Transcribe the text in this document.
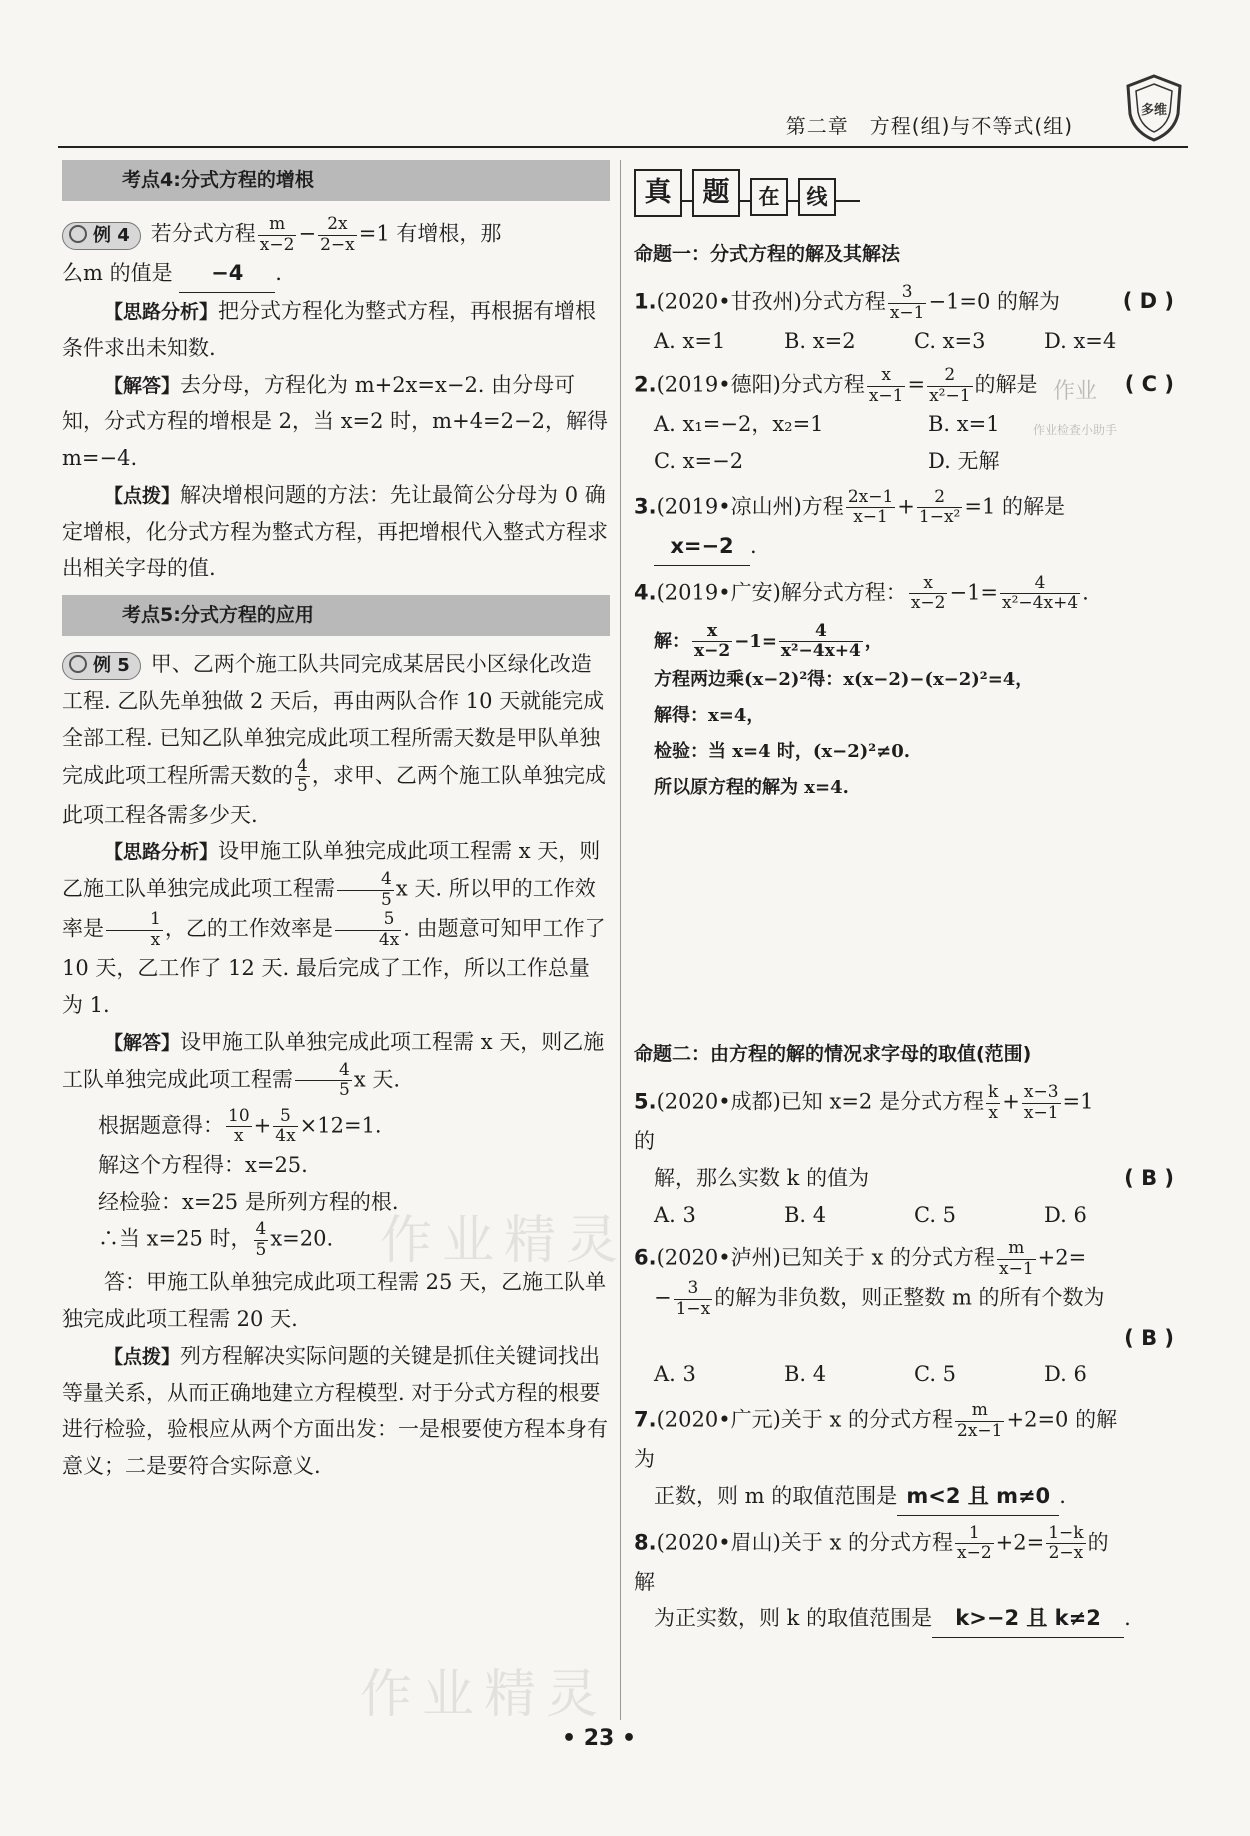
第二章　方程(组)与不等式(组)
多维
考点4:分式方程的增根

例 4 若分式方程 $\frac{m}{x-2} - \frac{2x}{2-x} =1$ 有增根，那

么m 的值是 −4 .

【思路分析】把分式方程化为整式方程，再根据有增根条件求出未知数.

【解答】去分母，方程化为 m+2x=x−2. 由分母可知，分式方程的增根是 2，当 x=2 时，m+4=2−2，解得 m=−4.

【点拨】解决增根问题的方法：先让最简公分母为 0 确定增根，化分式方程为整式方程，再把增根代入整式方程求出相关字母的值.

考点5:分式方程的应用

例 5 甲、乙两个施工队共同完成某居民小区绿化改造工程. 乙队先单独做 2 天后，再由两队合作 10 天就能完成全部工程. 已知乙队单独完成此项工程所需天数是甲队单独完成此项工程所需天数的 $\frac{4}{5}$ ，求甲、乙两个施工队单独完成此项工程各需多少天.

【思路分析】设甲施工队单独完成此项工程需 x 天，则乙施工队单独完成此项工程需 $\frac{4}{5}$ x 天. 所以甲的工作效率是 $\frac{1}{x}$ ，乙的工作效率是 $\frac{5}{4x}$ . 由题意可知甲工作了 10 天，乙工作了 12 天. 最后完成了工作，所以工作总量为 1.

【解答】设甲施工队单独完成此项工程需 x 天，则乙施工队单独完成此项工程需 $\frac{4}{5}$ x 天.

根据题意得： $\frac{10}{x} + \frac{5}{4x} \times 12=1$.

解这个方程得：x=25.

经检验：x=25 是所列方程的根.

∴当 x=25 时， $\frac{4}{5} x=20$.

答：甲施工队单独完成此项工程需 25 天，乙施工队单独完成此项工程需 20 天.

【点拨】列方程解决实际问题的关键是抓住关键词找出等量关系，从而正确地建立方程模型. 对于分式方程的根要进行检验，验根应从两个方面出发：一是根要使方程本身有意义；二是要符合实际意义.

真	题	在	线
命题一：分式方程的解及其解法
1.(2020•甘孜州)分式方程 $\frac{3}{x-1} -1=0$ 的解为	( D )
A. x=1	B. x=2	C. x=3	D. x=4
2.(2019•德阳)分式方程 $\frac{x}{x-1} = \frac{2}{\text{x²−1}}$ 的解是	( C )
A. x₁=−2，x₂=1	B. x=1
C. x=−2	D. 无解
3.(2019•凉山州)方程 $\frac{2x-1}{x-1} + \frac{2}{\text{1−x²}} =1$ 的解是

x=−2 .

4.(2019•广安)解分式方程： $\frac{x}{x-2} -1= \frac{4}{\text{x²−4x+4}}$ .

解： $\frac{x}{x-2} -1= \frac{4}{\text{x²−4x+4}}$ ，

方程两边乘(x−2)²得：x(x−2)−(x−2)²=4，

解得：x=4，

检验：当 x=4 时，(x−2)²≠0.

所以原方程的解为 x=4.

命题二：由方程的解的情况求字母的取值(范围)
5.(2020•成都)已知 x=2 是分式方程 $\frac{k}{x} + \frac{x-3}{x-1} =1$ 的
解，那么实数 k 的值为	( B )
A. 3	B. 4	C. 5	D. 6
6.(2020•泸州)已知关于 x 的分式方程 $\frac{m}{x-1} +2=$
− $\frac{3}{1-x}$ 的解为非负数，则正整数 m 的所有个数为
( B )
A. 3	B. 4	C. 5	D. 6
7.(2020•广元)关于 x 的分式方程 $\frac{m}{2x-1} +2=0$ 的解为

正数，则 m 的取值范围是 m<2 且 m≠0 .

8.(2020•眉山)关于 x 的分式方程 $\frac{1}{x-2} +2= \frac{1-k}{2-x}$ 的解

为正实数，则 k 的取值范围是 k>−2 且 k≠2 .

作业
作业检查小助手
作业精灵
作业精灵
• 23 •
